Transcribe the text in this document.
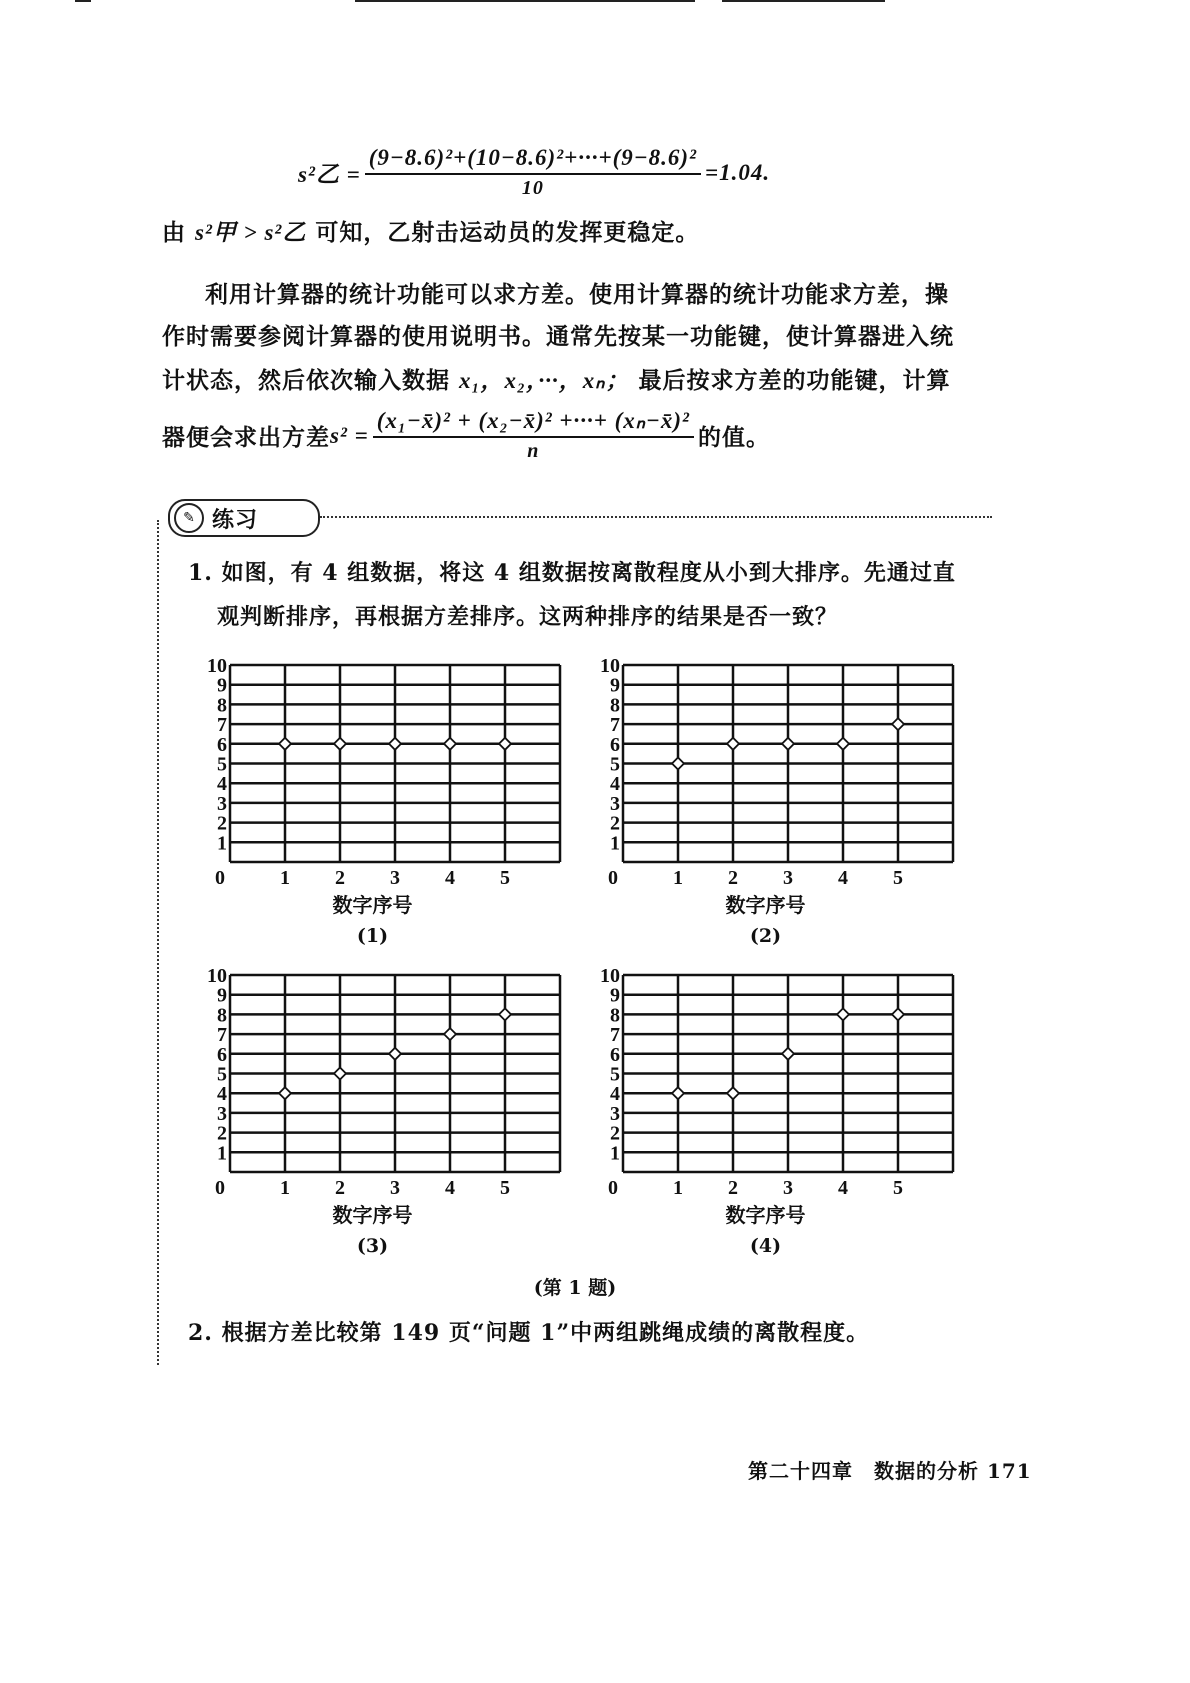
s²乙 = $\frac{\text{(9−8.6)²+(10−8.6)²+···+(9−8.6)²}}{10} =1.04$.
由 s²甲 > s²乙 可知，乙射击运动员的发挥更稳定。
利用计算器的统计功能可以求方差。使用计算器的统计功能求方差，操
作时需要参阅计算器的使用说明书。通常先按某一功能键，使计算器进入统
计状态，然后依次输入数据 x₁，x₂，···，xₙ； 最后按求方差的功能键，计算
器便会求出方差 $s^2 = \frac{\text{(x₁−x̄)² + (x₂−x̄)² +···+ (xₙ−x̄)²}}{n}$ 的值。
✎ 练习
1. 如图，有 4 组数据，将这 4 组数据按离散程度从小到大排序。先通过直
观判断排序，再根据方差排序。这两种排序的结果是否一致？
1
2
3
4
5
6
7
8
9
10
0	1 2 3 4 5
数字序号
(1)
1
2
3
4
5
6
7
8
9
10
0	1 2 3 4 5
数字序号
(2)
1
2
3
4
5
6
7
8
9
10
0	1 2 3 4 5
数字序号
(3)
1
2
3
4
5
6
7
8
9
10
0	1 2 3 4 5
数字序号
(4)
(第 1 题)
2. 根据方差比较第 149 页“问题 1”中两组跳绳成绩的离散程度。
第二十四章　数据的分析 171
